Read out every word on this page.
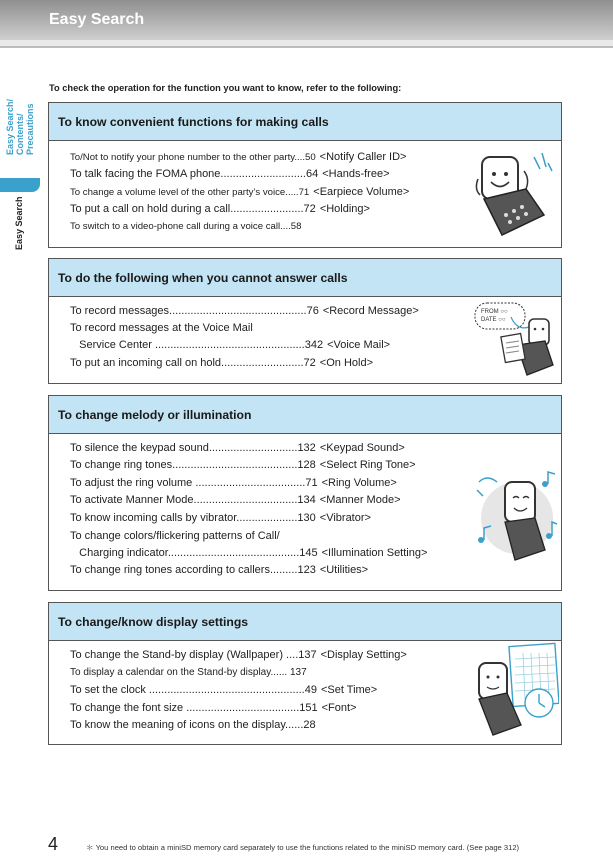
Easy Search
Easy Search/
Contents/
Precautions
Easy Search
To check the operation for the function you want to know, refer to the following:
To know convenient functions for making calls
To/Not to notify your phone number to the other party....50 <Notify Caller ID>
To talk facing the FOMA phone............................64 <Hands-free>
To change a volume level of the other party’s voice.....71 <Earpiece Volume>
To put a call on hold during a call........................72 <Holding>
To switch to a video-phone call during a voice call....58
To do the following when you cannot answer calls
To record messages.............................................76 <Record Message>
To record messages at the Voice Mail
Service Center .................................................342 <Voice Mail>
To put an incoming call on hold...........................72 <On Hold>
FROM ○○
DATE ○○
To change melody or illumination
To silence the keypad sound.............................132 <Keypad Sound>
To change ring tones.........................................128 <Select Ring Tone>
To adjust the ring volume ....................................71 <Ring Volume>
To activate Manner Mode..................................134 <Manner Mode>
To know incoming calls by vibrator....................130 <Vibrator>
To change colors/flickering patterns of Call/
Charging indicator...........................................145 <Illumination Setting>
To change ring tones according to callers.........123 <Utilities>
To change/know display settings
To change the Stand-by display (Wallpaper) ....137 <Display Setting>
To display a calendar on the Stand-by display...... 137
To set the clock ...................................................49 <Set Time>
To change the font size .....................................151 <Font>
To know the meaning of icons on the display......28
4	＊ You need to obtain a miniSD memory card separately to use the functions related to the miniSD memory card. (See page 312)
